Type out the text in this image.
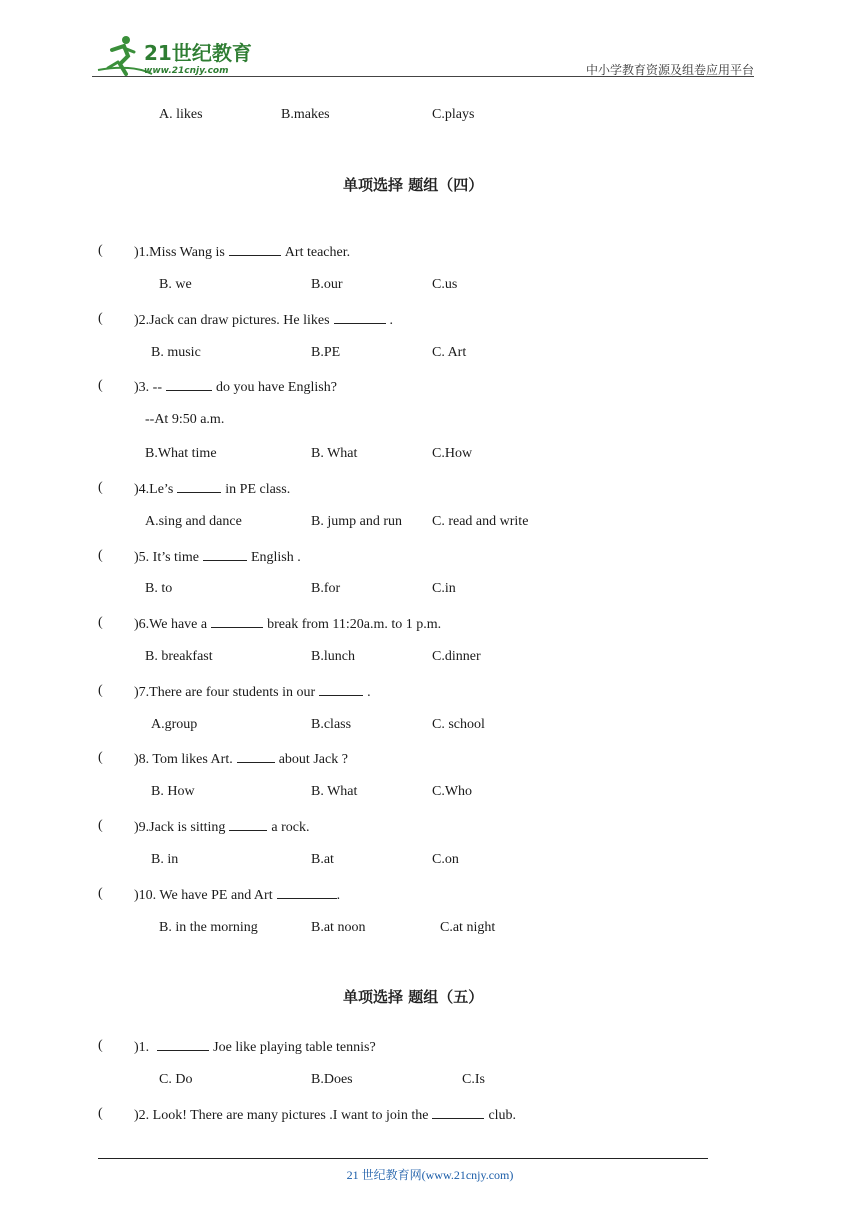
21世纪教育
www.21cnjy.com	中小学教育资源及组卷应用平台
A. likes	B.makes	C.plays
单项选择 题组（四）
( )1.Miss Wang is	Art teacher.
B. we	B.our	C.us
( )2.Jack can draw pictures. He likes	.
B. music	B.PE	C. Art
( )3. --	do you have English?
--At 9:50 a.m.
B.What time	B. What	C.How
( )4.Le’s	in PE class.
A.sing and dance	B. jump and run C. read and write
( )5. It’s time	English .
B. to	B.for	C.in
( )6.We have a	break from 11:20a.m. to 1 p.m.
B. breakfast	B.lunch	C.dinner
( )7.There are four students in our	.
A.group	B.class	C. school
( )8. Tom likes Art.	about Jack ?
B. How	B. What	C.Who
( )9.Jack is sitting	a rock.
B. in	B.at	C.on
( )10. We have PE and Art	.
B. in the morning	B.at noon	C.at night
单项选择 题组（五）
( )1.	Joe like playing table tennis?
C. Do	B.Does	C.Is
( )2. Look! There are many pictures .I want to join the	club.
21 世纪教育网(www.21cnjy.com)
